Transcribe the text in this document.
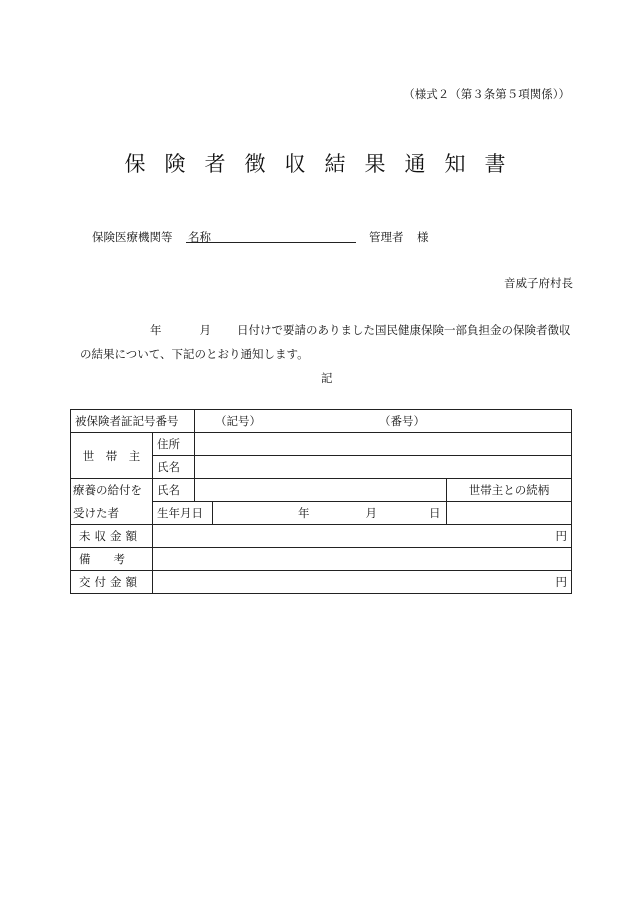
（様式２（第３条第５項関係））
保険者徴収結果通知書
保険医療機関等 名称	管理者 様
音威子府村長
年	月 日付けで要請のありました国民健康保険一部負担金の保険者徴収
の結果について、下記のとおり通知します。
記
被保険者証記号番号		（記号） （番号）		
世　帯　主	住所			
	氏名			
療養の給付を	氏名			世帯主との続柄
受けた者	生年月日		年 月 日	
未収金額	円			
備　　考				
交付金額	円			
